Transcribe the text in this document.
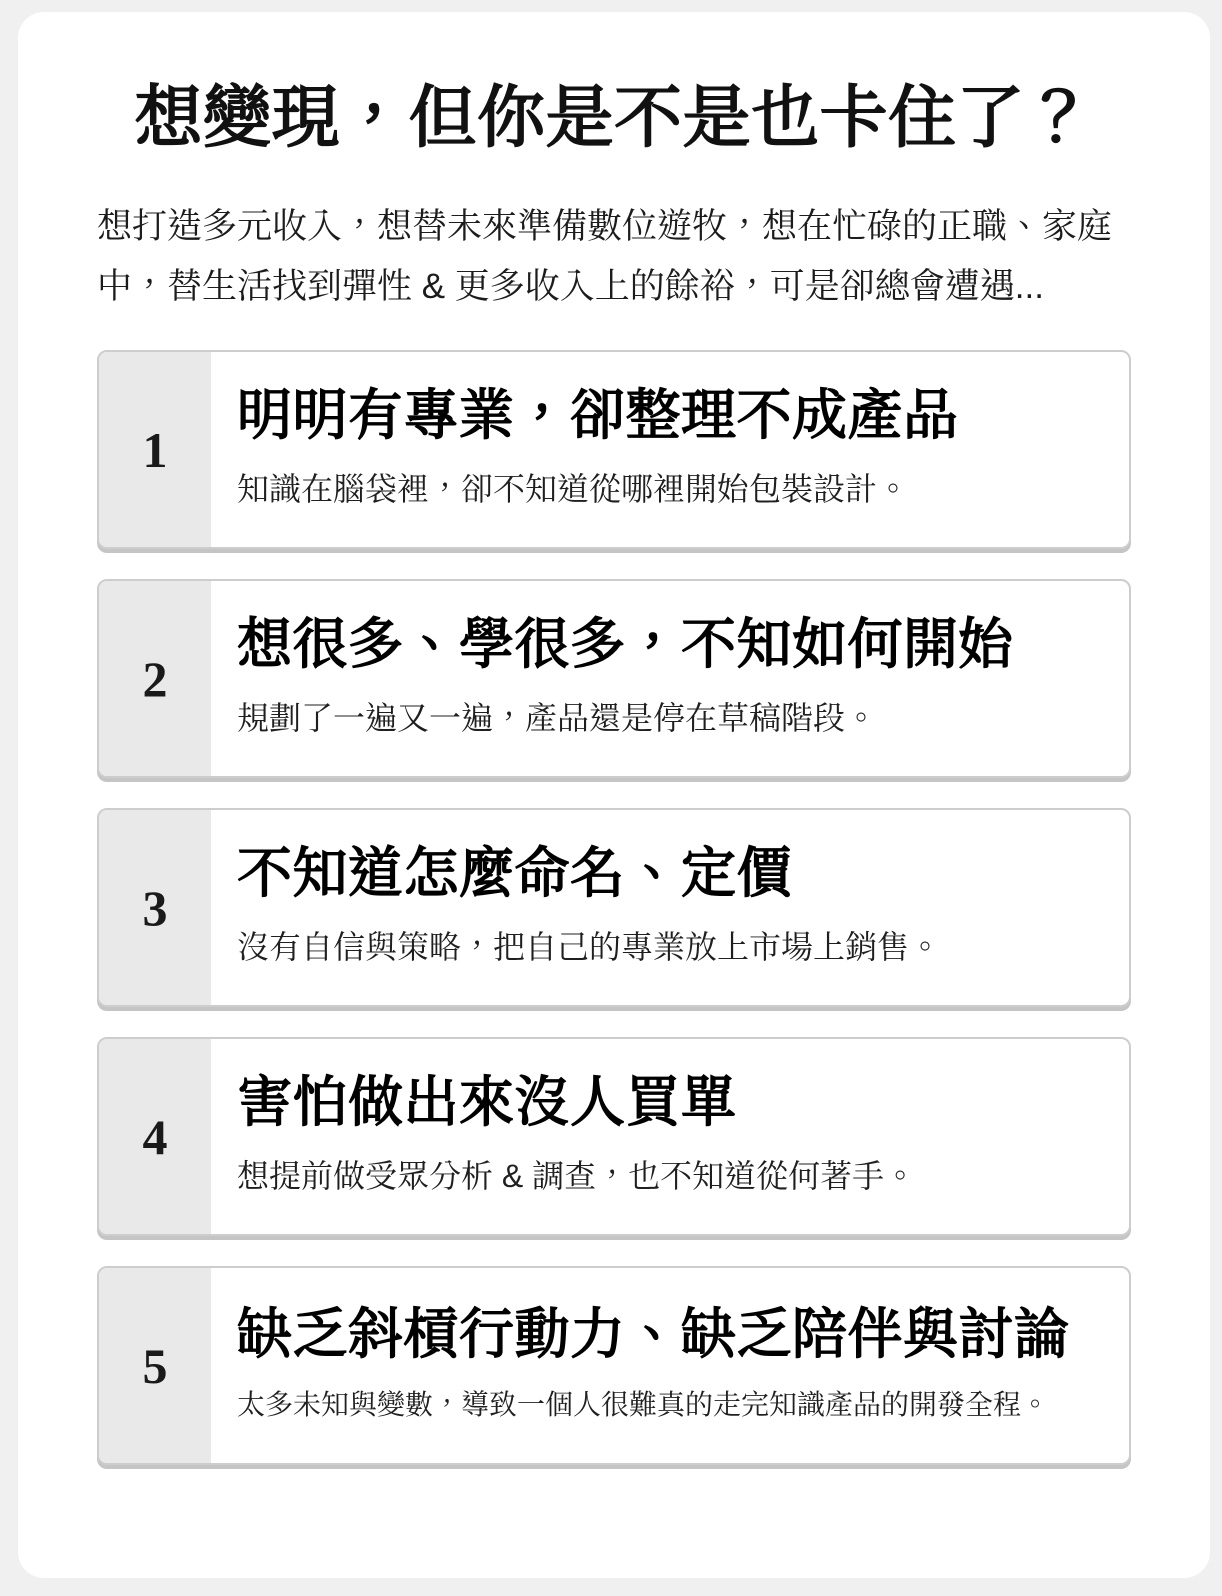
想變現，但你是不是也卡住了？

想打造多元收入，想替未來準備數位遊牧，想在忙碌的正職、家庭中，替生活找到彈性 & 更多收入上的餘裕，可是卻總會遭遇...

1
明明有專業，卻整理不成產品

知識在腦袋裡，卻不知道從哪裡開始包裝設計。

2
想很多、學很多，不知如何開始

規劃了一遍又一遍，產品還是停在草稿階段。

3
不知道怎麼命名、定價

沒有自信與策略，把自己的專業放上市場上銷售。

4
害怕做出來沒人買單

想提前做受眾分析 & 調查，也不知道從何著手。

5
缺乏斜槓行動力、缺乏陪伴與討論

太多未知與變數，導致一個人很難真的走完知識產品的開發全程。
